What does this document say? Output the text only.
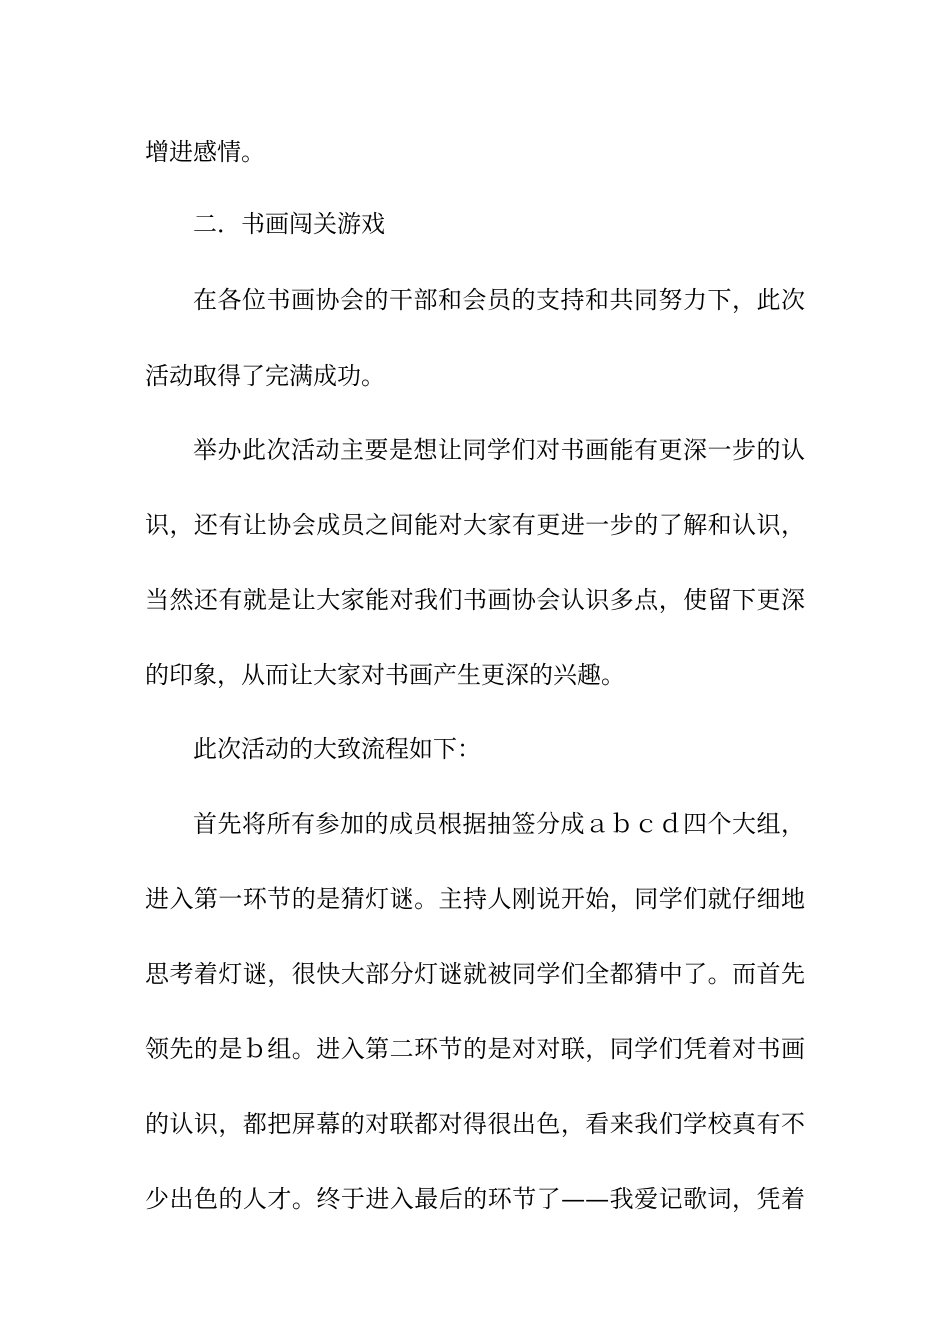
增进感情。
二．书画闯关游戏
在各位书画协会的干部和会员的支持和共同努力下，此次
活动取得了完满成功。
举办此次活动主要是想让同学们对书画能有更深一步的认
识，还有让协会成员之间能对大家有更进一步的了解和认识，
当然还有就是让大家能对我们书画协会认识多点，使留下更深
的印象，从而让大家对书画产生更深的兴趣。
此次活动的大致流程如下：
首先将所有参加的成员根据抽签分成ａｂｃｄ四个大组，
进入第一环节的是猜灯谜。主持人刚说开始，同学们就仔细地
思考着灯谜，很快大部分灯谜就被同学们全都猜中了。而首先
领先的是ｂ组。进入第二环节的是对对联，同学们凭着对书画
的认识，都把屏幕的对联都对得很出色，看来我们学校真有不
少出色的人才。终于进入最后的环节了——我爱记歌词，凭着
